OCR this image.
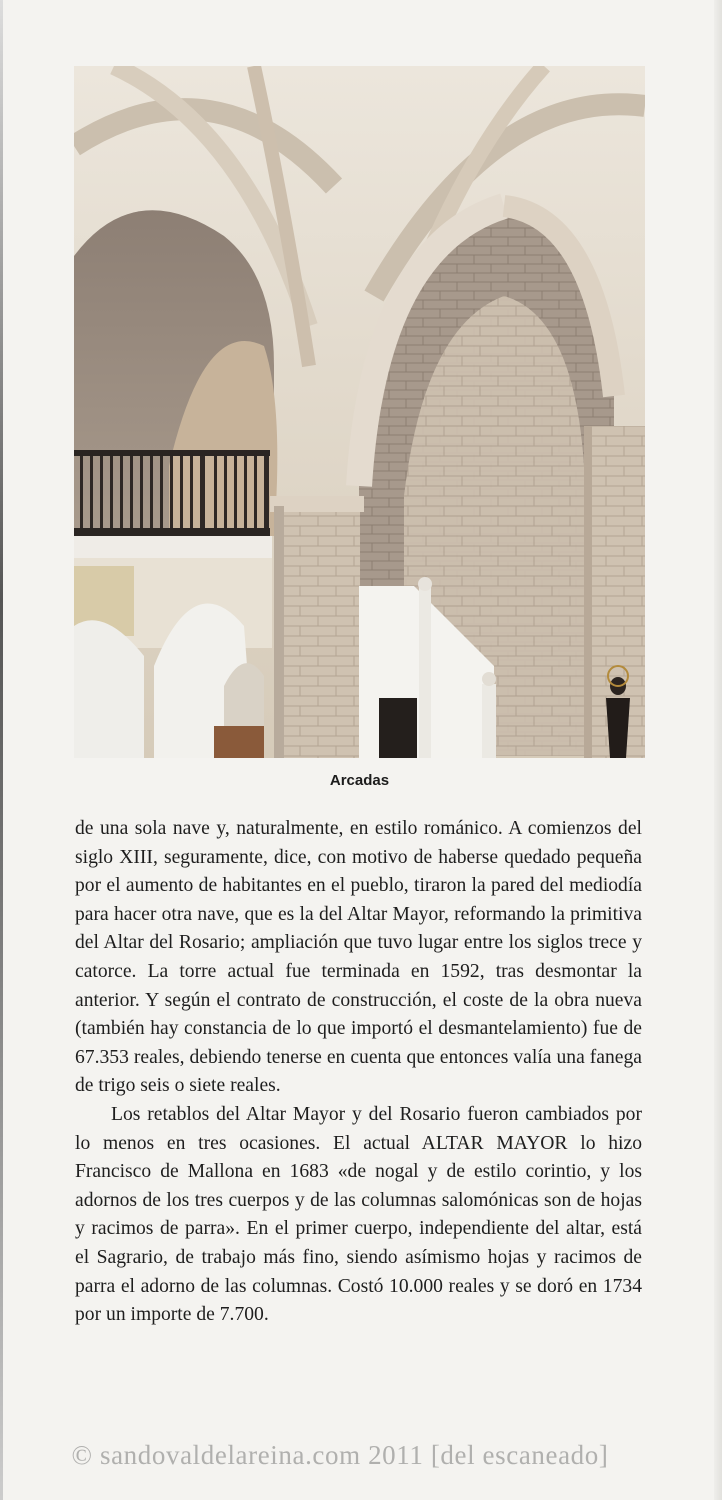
Arcadas

de una sola nave y, naturalmente, en estilo románico. A comienzos del siglo XIII, seguramente, dice, con motivo de haberse quedado pequeña por el aumento de habitantes en el pueblo, tiraron la pared del mediodía para hacer otra nave, que es la del Altar Mayor, reformando la primitiva del Altar del Rosario; ampliación que tuvo lugar entre los siglos trece y catorce. La torre actual fue terminada en 1592, tras desmontar la anterior. Y según el contrato de construcción, el coste de la obra nueva (también hay constancia de lo que importó el desmantelamiento) fue de 67.353 reales, debiendo tenerse en cuenta que entonces valía una fanega de trigo seis o siete reales.

Los retablos del Altar Mayor y del Rosario fueron cambiados por lo menos en tres ocasiones. El actual ALTAR MAYOR lo hizo Francisco de Mallona en 1683 «de nogal y de estilo corintio, y los adornos de los tres cuerpos y de las columnas salomónicas son de hojas y racimos de parra». En el primer cuerpo, independiente del altar, está el Sagrario, de trabajo más fino, siendo asímismo hojas y racimos de parra el adorno de las columnas. Costó 10.000 reales y se doró en 1734 por un importe de 7.700.

© sandovaldelareina.com 2011 [del escaneado]
